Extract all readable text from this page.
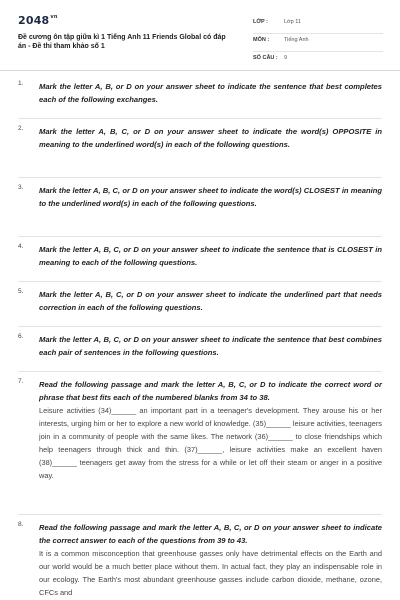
$2048^{vn}$
Đề cương ôn tập giữa kì 1 Tiếng Anh 11 Friends Global có đáp án - Đề thi tham khảo số 1
LỚP :	Lớp 11
MÔN :	Tiếng Anh
SỐ CÂU : 9
1.	Mark the letter A, B, or D on your answer sheet to indicate the sentence that best completes each of the following exchanges.
2.	Mark the letter A, B, C, or D on your answer sheet to indicate the word(s) OPPOSITE in meaning to the underlined word(s) in each of the following questions.
3.	Mark the letter A, B, C, or D on your answer sheet to indicate the word(s) CLOSEST in meaning to the underlined word(s) in each of the following questions.
4.	Mark the letter A, B, C, or D on your answer sheet to indicate the sentence that is CLOSEST in meaning to each of the following questions.
5.	Mark the letter A, B, C, or D on your answer sheet to indicate the underlined part that needs correction in each of the following questions.
6.	Mark the letter A, B, C, or D on your answer sheet to indicate the sentence that best combines each pair of sentences in the following questions.
7.	Read the following passage and mark the letter A, B, C, or D to indicate the correct word or phrase that best fits each of the numbered blanks from 34 to 38.
Leisure activities (34)______ an important part in a teenager's development. They arouse his or her interests, urging him or her to explore a new world of knowledge. (35)______ leisure activities, teenagers join in a community of people with the same likes. The network (36)______ to close friendships which help teenagers through thick and thin. (37)______, leisure activities make an excellent haven (38)______ teenagers get away from the stress for a while or let off their steam or anger in a positive way.
8.	Read the following passage and mark the letter A, B, C, or D on your answer sheet to indicate the correct answer to each of the questions from 39 to 43.
It is a common misconception that greenhouse gasses only have detrimental effects on the Earth and our world would be a much better place without them. In actual fact, they play an indispensable role in our ecology. The Earth's most abundant greenhouse gasses include carbon dioxide, methane, ozone, CFCs and
